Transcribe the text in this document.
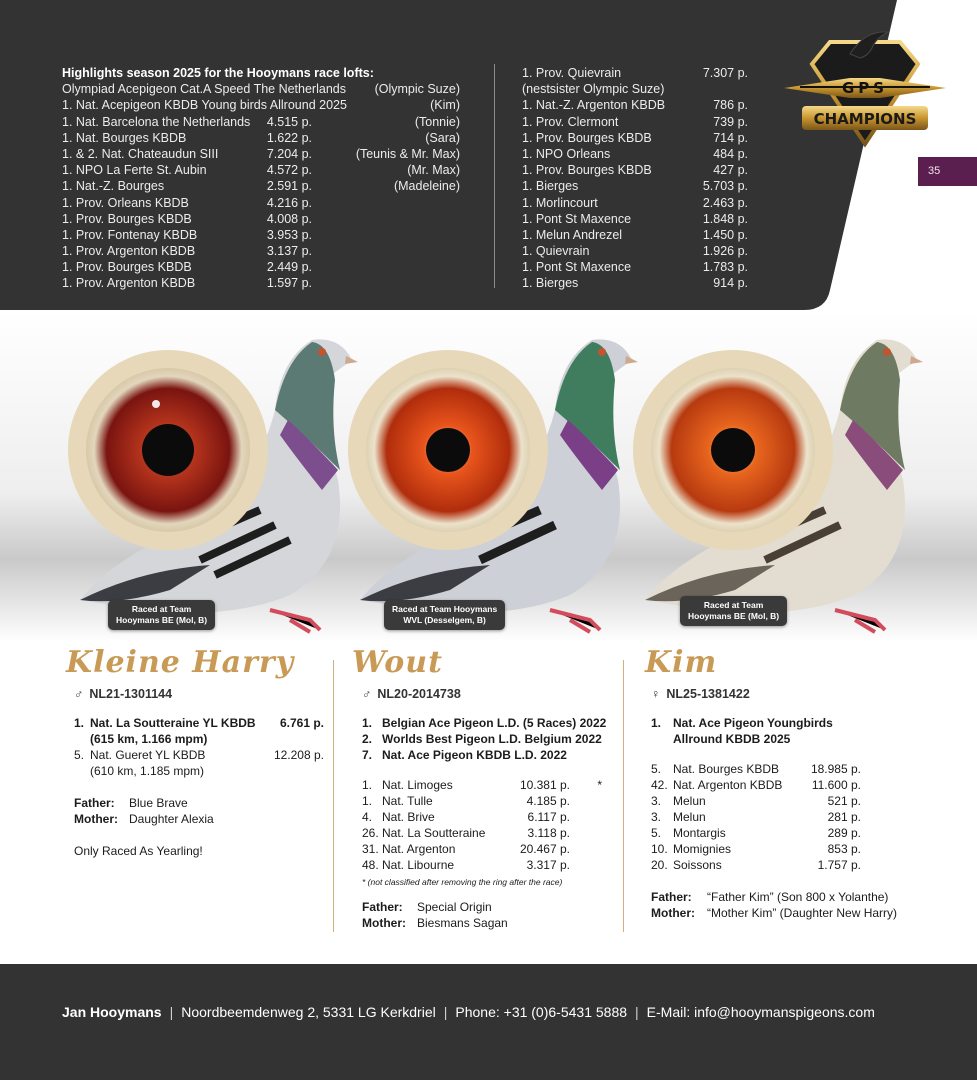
Highlights season 2025 for the Hooymans race lofts:
Olympiad Acepigeon Cat.A Speed The Netherlands	(Olympic Suze)
1. Nat. Acepigeon KBDB Young birds Allround 2025	(Kim)
1. Nat. Barcelona the Netherlands	4.515 p.	(Tonnie)
1. Nat. Bourges KBDB	1.622 p.	(Sara)
1. & 2. Nat. Chateaudun SIII	7.204 p.	(Teunis & Mr. Max)
1. NPO La Ferte St. Aubin	4.572 p.	(Mr. Max)
1. Nat.-Z. Bourges	2.591 p.	(Madeleine)
1. Prov. Orleans KBDB	4.216 p.
1. Prov. Bourges KBDB	4.008 p.
1. Prov. Fontenay KBDB	3.953 p.
1. Prov. Argenton KBDB	3.137 p.
1. Prov. Bourges KBDB	2.449 p.
1. Prov. Argenton KBDB	1.597 p.
1. Prov. Quievrain	7.307 p.
(nestsister Olympic Suze)
1. Nat.-Z. Argenton KBDB	786 p.
1. Prov. Clermont	739 p.
1. Prov. Bourges KBDB	714 p.
1. NPO Orleans	484 p.
1. Prov. Bourges KBDB	427 p.
1. Bierges	5.703 p.
1. Morlincourt	2.463 p.
1. Pont St Maxence	1.848 p.
1. Melun Andrezel	1.450 p.
1. Quievrain	1.926 p.
1. Pont St Maxence	1.783 p.
1. Bierges	914 p.
GPS
CHAMPIONS
35
Raced at Team
Hooymans BE (Mol, B)
Raced at Team Hooymans
WVL (Desselgem, B)
Raced at Team
Hooymans BE (Mol, B)
Kleine Harry
♂ NL21-1301144
1. Nat. La Soutteraine YL KBDB	6.761 p.
(615 km, 1.166 mpm)
5. Nat. Gueret YL KBDB	12.208 p.
(610 km, 1.185 mpm)
Father: Blue Brave
Mother: Daughter Alexia
Only Raced As Yearling!
Wout
♂ NL20-2014738
1. Belgian Ace Pigeon L.D. (5 Races) 2022
2. Worlds Best Pigeon L.D. Belgium 2022
7. Nat. Ace Pigeon KBDB L.D. 2022
1. Nat. Limoges	10.381 p.	*
1. Nat. Tulle	4.185 p.
4. Nat. Brive	6.117 p.
26. Nat. La Soutteraine	3.118 p.
31. Nat. Argenton	20.467 p.
48. Nat. Libourne	3.317 p.
* (not classified after removing the ring after the race)
Father: Special Origin
Mother: Biesmans Sagan
Kim
♀ NL25-1381422
1. Nat. Ace Pigeon Youngbirds
Allround KBDB 2025
5. Nat. Bourges KBDB	18.985 p.
42. Nat. Argenton KBDB	11.600 p.
3. Melun	521 p.
3. Melun	281 p.
5. Montargis	289 p.
10. Momignies	853 p.
20. Soissons	1.757 p.
Father: “Father Kim” (Son 800 x Yolanthe)
Mother: “Mother Kim” (Daughter New Harry)
Jan Hooymans | Noordbeemdenweg 2, 5331 LG Kerkdriel | Phone: +31 (0)6-5431 5888 | E-Mail: info@hooymanspigeons.com
